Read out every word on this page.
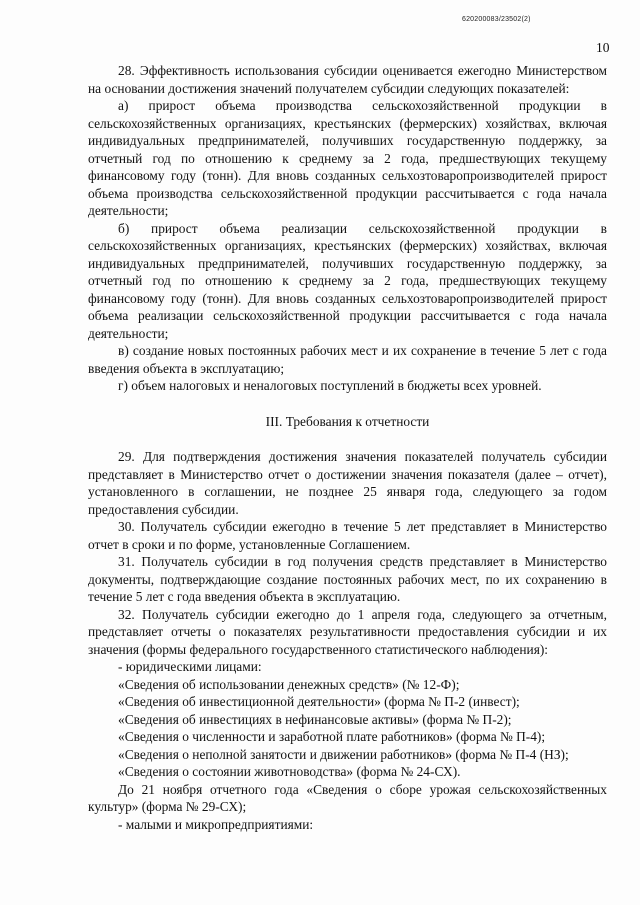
620200083/23502(2)
10

28. Эффективность использования субсидии оценивается ежегодно Министерством на основании достижения значений получателем субсидии следующих показателей:

а) прирост объема производства сельскохозяйственной продукции в сельскохозяйственных организациях, крестьянских (фермерских) хозяйствах, включая индивидуальных предпринимателей, получивших государственную поддержку, за отчетный год по отношению к среднему за 2 года, предшествующих текущему финансовому году (тонн). Для вновь созданных сельхозтоваропроизводителей прирост объема производства сельскохозяйственной продукции рассчитывается с года начала деятельности;

б) прирост объема реализации сельскохозяйственной продукции в сельскохозяйственных организациях, крестьянских (фермерских) хозяйствах, включая индивидуальных предпринимателей, получивших государственную поддержку, за отчетный год по отношению к среднему за 2 года, предшествующих текущему финансовому году (тонн). Для вновь созданных сельхозтоваропроизводителей прирост объема реализации сельскохозяйственной продукции рассчитывается с года начала деятельности;

в) создание новых постоянных рабочих мест и их сохранение в течение 5 лет с года введения объекта в эксплуатацию;

г) объем налоговых и неналоговых поступлений в бюджеты всех уровней.

III. Требования к отчетности

29. Для подтверждения достижения значения показателей получатель субсидии представляет в Министерство отчет о достижении значения показателя (далее – отчет), установленного в соглашении, не позднее 25 января года, следующего за годом предоставления субсидии.

30. Получатель субсидии ежегодно в течение 5 лет представляет в Министерство отчет в сроки и по форме, установленные Соглашением.

31. Получатель субсидии в год получения средств представляет в Министерство документы, подтверждающие создание постоянных рабочих мест, по их сохранению в течение 5 лет с года введения объекта в эксплуатацию.

32. Получатель субсидии ежегодно до 1 апреля года, следующего за отчетным, представляет отчеты о показателях результативности предоставления субсидии и их значения (формы федерального государственного статистического наблюдения):

- юридическими лицами:

«Сведения об использовании денежных средств» (№ 12-Ф);

«Сведения об инвестиционной деятельности» (форма № П-2 (инвест);

«Сведения об инвестициях в нефинансовые активы» (форма № П-2);

«Сведения о численности и заработной плате работников» (форма № П-4);

«Сведения о неполной занятости и движении работников» (форма № П-4 (НЗ);

«Сведения о состоянии животноводства» (форма № 24-СХ).

До 21 ноября отчетного года «Сведения о сборе урожая сельскохозяйственных культур» (форма № 29-СХ);

- малыми и микропредприятиями:
